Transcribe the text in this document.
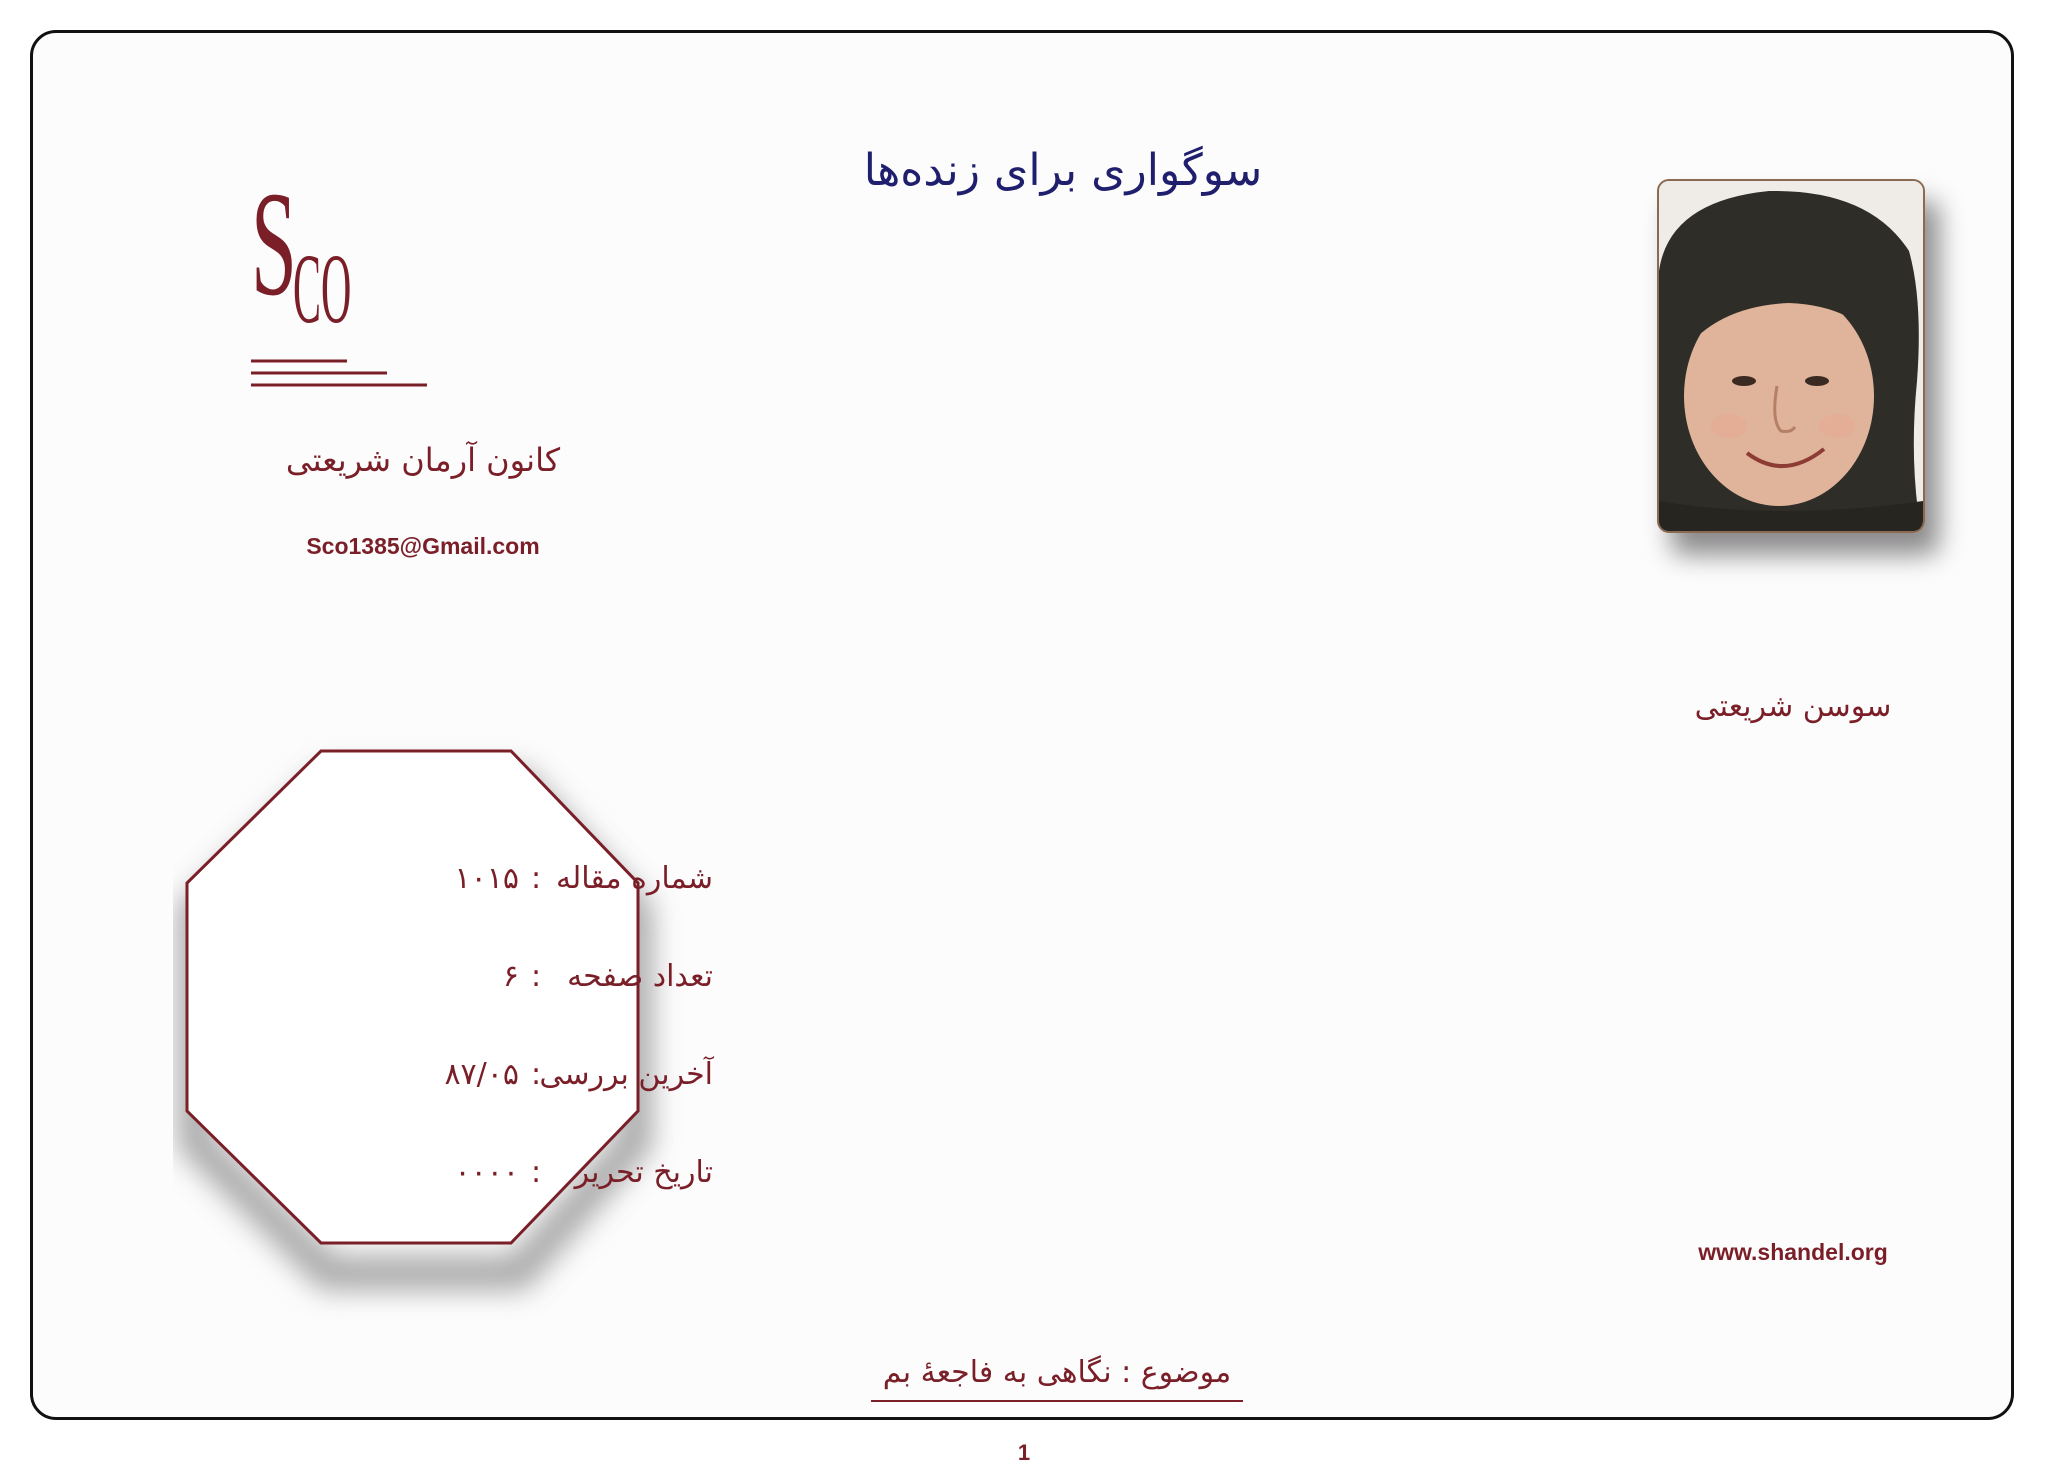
سوگواری برای زنده‌ها
S
CO
کانون آرمان شریعتی
Sco1385@Gmail.com
سوسن شریعتی
شماره مقاله:۱۰۱۵
تعداد صفحه:۶
آخرین بررسی:۸۷/۰۵
تاریخ تحریر:۰۰۰۰
www.shandel.org
موضوع : نگاهی به فاجعۀ بم
1
